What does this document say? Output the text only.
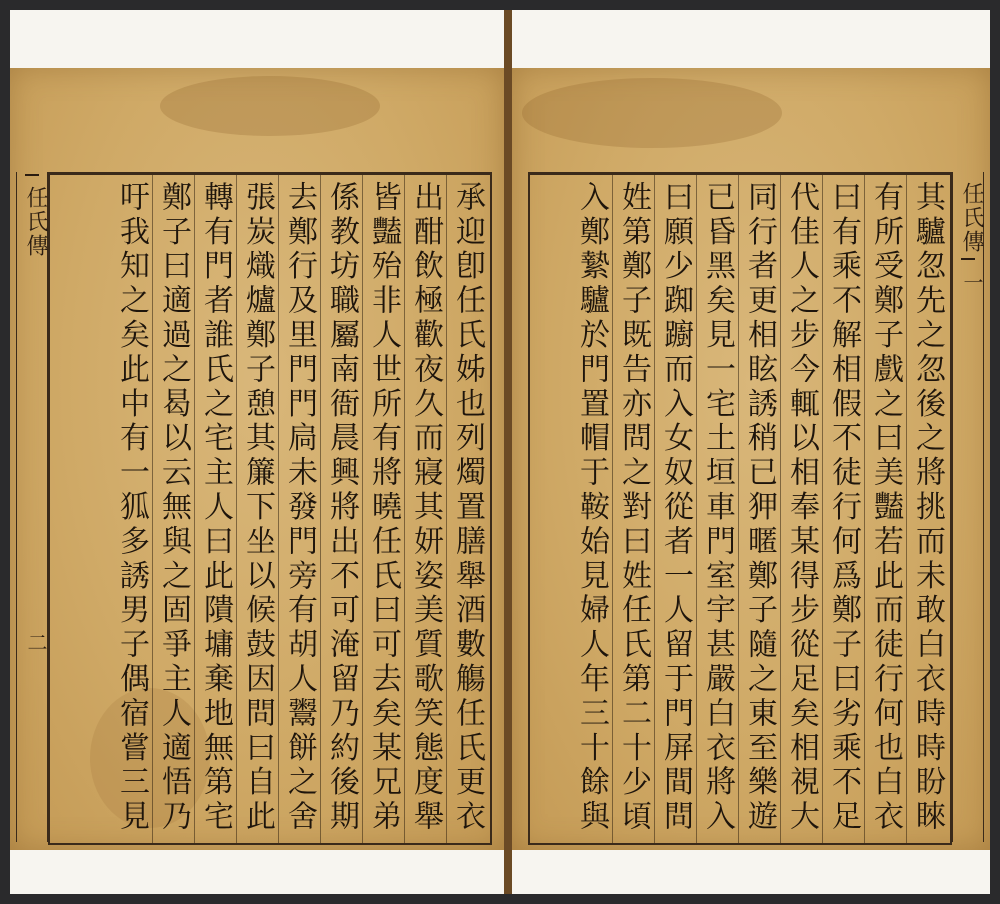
任氏傳
二
承迎卽任氏姊也列燭置膳舉酒數觴任氏更衣
出酣飲極歡夜久而寢其妍姿美質歌笑態度舉
皆豔殆非人世所有將曉任氏曰可去矣某兄弟
係教坊職屬南衙晨興將出不可淹留乃約後期
去鄭行及里門門扃未發門旁有胡人鬻餅之舍
張炭熾爐鄭子憩其簾下坐以候鼓因問曰自此
轉有門者誰氏之宅主人曰此隤墉棄地無第宅
鄭子曰適過之曷以云無與之固爭主人適悟乃
吁我知之矣此中有一狐多誘男子偶宿嘗三見
其驢忽先之忽後之將挑而未敢白衣時時盼睞
有所受鄭子戲之曰美豔若此而徒行何也白衣
曰有乘不解相假不徒行何爲鄭子曰劣乘不足
代佳人之步今輒以相奉某得步從足矣相視大
同行者更相眩誘稍已狎暱鄭子隨之東至樂遊
已昏黑矣見一宅土垣車門室宇甚嚴白衣將入
曰願少踟躕而入女奴從者一人留于門屏間問
姓第鄭子既告亦問之對曰姓任氏第二十少頃
入鄭縶驢於門置帽于鞍始見婦人年三十餘與
任氏傳
一
